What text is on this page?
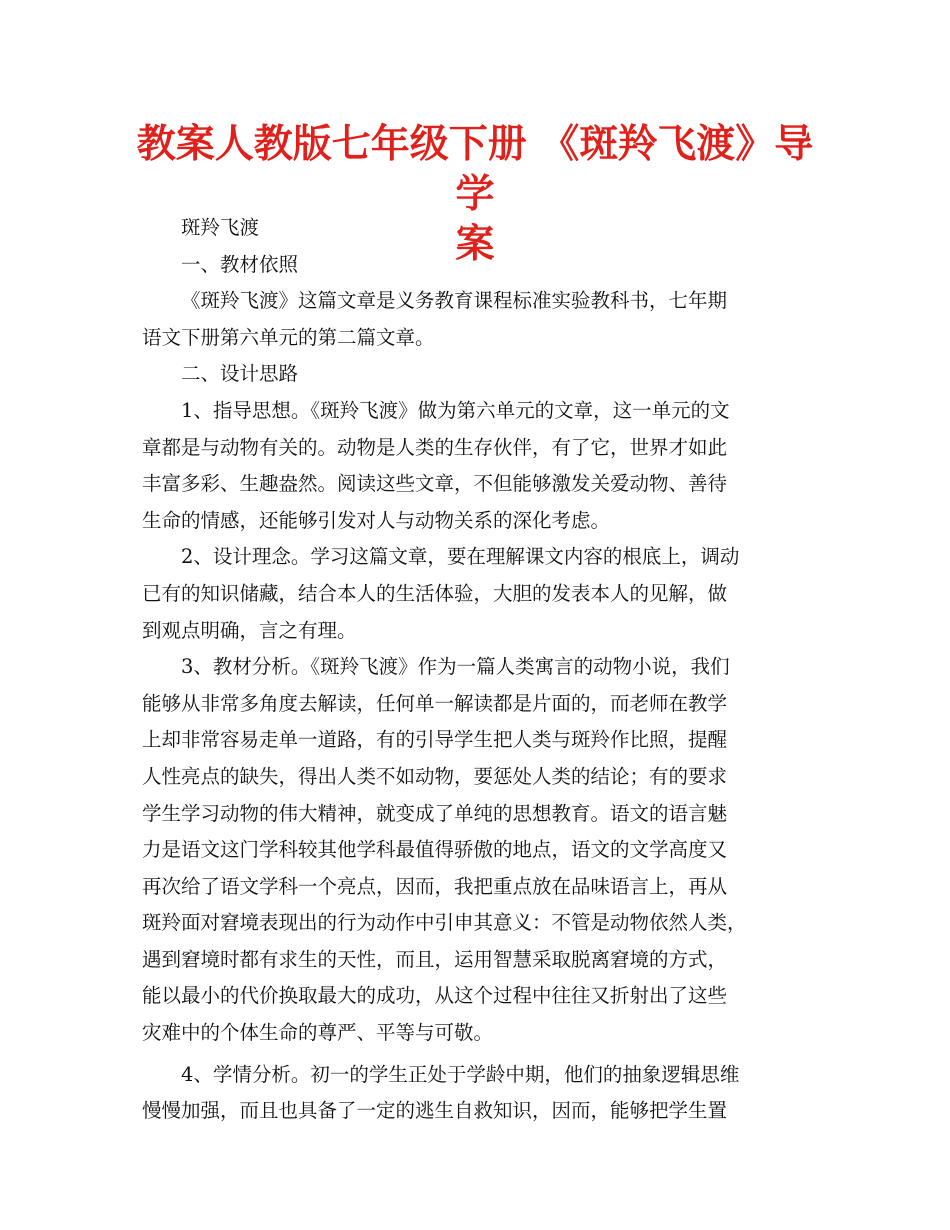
教案人教版七年级下册 《斑羚飞渡》导学
案
斑羚飞渡
一、教材依照
《斑羚飞渡》这篇文章是义务教育课程标准实验教科书，七年期
语文下册第六单元的第二篇文章。
二、设计思路
1、指导思想。《斑羚飞渡》做为第六单元的文章，这一单元的文
章都是与动物有关的。动物是人类的生存伙伴，有了它，世界才如此
丰富多彩、生趣盎然。阅读这些文章，不但能够激发关爱动物、善待
生命的情感，还能够引发对人与动物关系的深化考虑。
2、设计理念。学习这篇文章，要在理解课文内容的根底上，调动
已有的知识储藏，结合本人的生活体验，大胆的发表本人的见解，做
到观点明确，言之有理。
3、教材分析。《斑羚飞渡》作为一篇人类寓言的动物小说，我们
能够从非常多角度去解读，任何单一解读都是片面的，而老师在教学
上却非常容易走单一道路，有的引导学生把人类与斑羚作比照，提醒
人性亮点的缺失，得出人类不如动物，要惩处人类的结论；有的要求
学生学习动物的伟大精神，就变成了单纯的思想教育。语文的语言魅
力是语文这门学科较其他学科最值得骄傲的地点，语文的文学高度又
再次给了语文学科一个亮点，因而，我把重点放在品味语言上，再从
斑羚面对窘境表现出的行为动作中引申其意义：不管是动物依然人类，
遇到窘境时都有求生的天性，而且，运用智慧采取脱离窘境的方式，
能以最小的代价换取最大的成功，从这个过程中往往又折射出了这些
灾难中的个体生命的尊严、平等与可敬。
4、学情分析。初一的学生正处于学龄中期，他们的抽象逻辑思维
慢慢加强，而且也具备了一定的逃生自救知识，因而，能够把学生置
